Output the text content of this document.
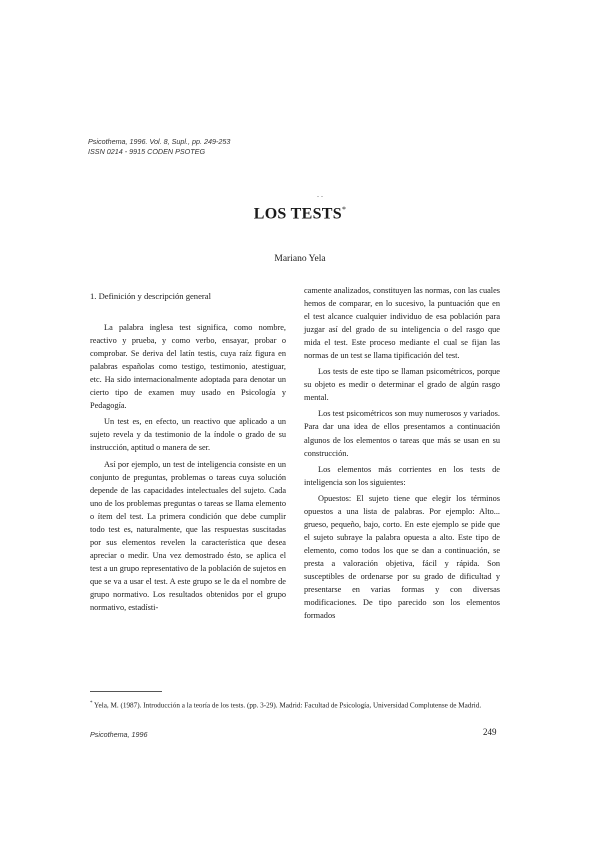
Psicothema, 1996. Vol. 8, Supl., pp. 249-253
ISSN 0214 - 9915 CODEN PSOTEG
. .
LOS TESTS*
Mariano Yela
1. Definición y descripción general

La palabra inglesa test significa, como nombre, reactivo y prueba, y como verbo, ensayar, probar o comprobar. Se deriva del latín testis, cuya raíz figura en palabras españolas como testigo, testimonio, atestiguar, etc. Ha sido internacionalmente adoptada para denotar un cierto tipo de examen muy usado en Psicología y Pedagogía.

Un test es, en efecto, un reactivo que aplicado a un sujeto revela y da testimonio de la índole o grado de su instrucción, aptitud o manera de ser.

Así por ejemplo, un test de inteligencia consiste en un conjunto de preguntas, problemas o tareas cuya solución depende de las capacidades intelectuales del sujeto. Cada uno de los problemas preguntas o tareas se llama elemento o ítem del test. La primera condición que debe cumplir todo test es, naturalmente, que las respuestas suscitadas por sus elementos revelen la característica que desea apreciar o medir. Una vez demostrado ésto, se aplica el test a un grupo representativo de la población de sujetos en que se va a usar el test. A este grupo se le da el nombre de grupo normativo. Los resultados obtenidos por el grupo normativo, estadísti-

camente analizados, constituyen las normas, con las cuales hemos de comparar, en lo sucesivo, la puntuación que en el test alcance cualquier individuo de esa población para juzgar así del grado de su inteligencia o del rasgo que mida el test. Este proceso mediante el cual se fijan las normas de un test se llama tipificación del test.

Los tests de este tipo se llaman psicométricos, porque su objeto es medir o determinar el grado de algún rasgo mental.

Los test psicométricos son muy numerosos y variados. Para dar una idea de ellos presentamos a continuación algunos de los elementos o tareas que más se usan en su construcción.

Los elementos más corrientes en los tests de inteligencia son los siguientes:

Opuestos: El sujeto tiene que elegir los términos opuestos a una lista de palabras. Por ejemplo: Alto... grueso, pequeño, bajo, corto. En este ejemplo se pide que el sujeto subraye la palabra opuesta a alto. Este tipo de elemento, como todos los que se dan a continuación, se presta a valoración objetiva, fácil y rápida. Son susceptibles de ordenarse por su grado de dificultad y presentarse en varias formas y con diversas modificaciones. De tipo parecido son los elementos formados

* Yela, M. (1987). Introducción a la teoría de los tests. (pp. 3-29). Madrid: Facultad de Psicología, Universidad Complutense de Madrid.
Psicothema, 1996	249
